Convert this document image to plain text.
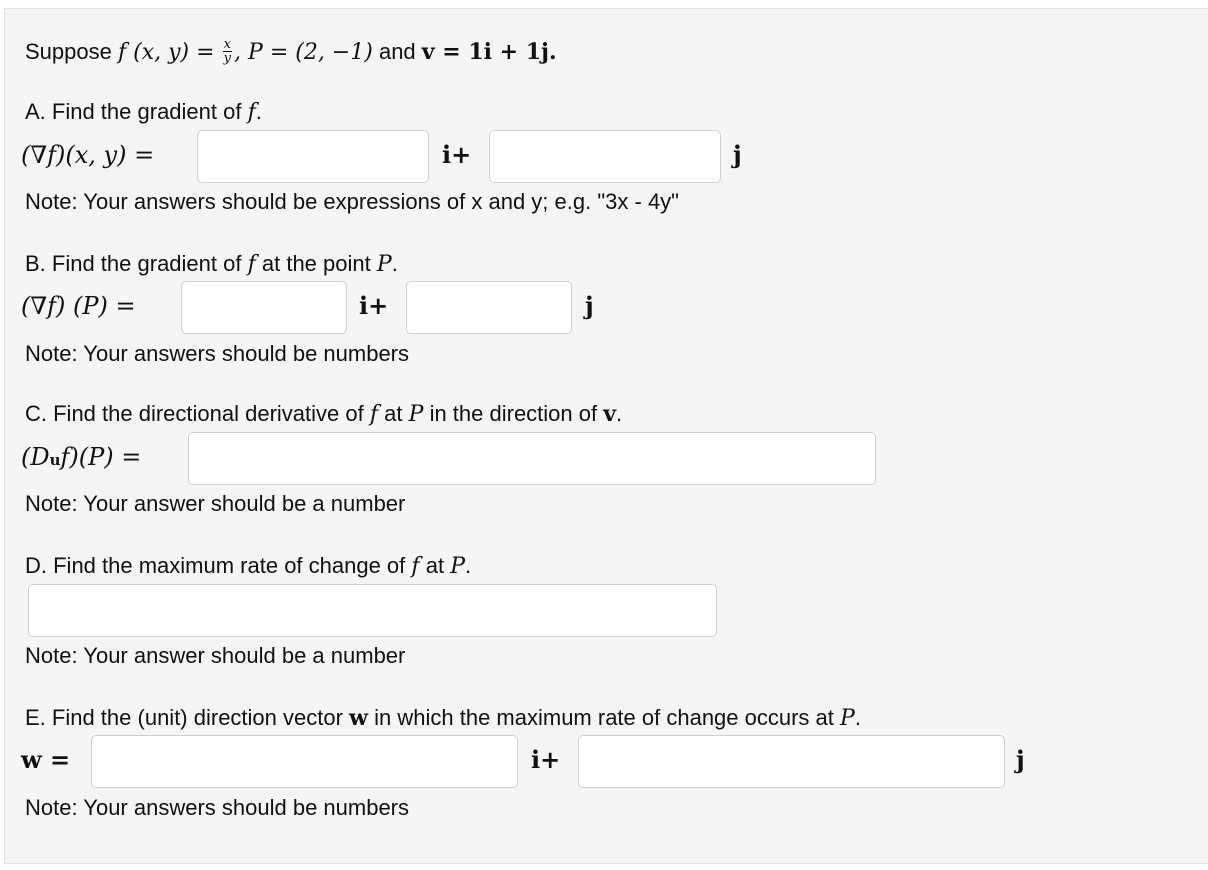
Suppose f (x, $y) = \frac{x}{y}$ , P = (2, −1) and v = 1i + 1j.
A. Find the gradient of f.
(∇f)(x, y) =	i+	j
Note: Your answers should be expressions of x and y; e.g. "3x - 4y"
B. Find the gradient of f at the point P.
(∇f) (P) =	i+	j
Note: Your answers should be numbers
C. Find the directional derivative of f at P in the direction of v.
(Duf)(P) =
Note: Your answer should be a number
D. Find the maximum rate of change of f at P.
Note: Your answer should be a number
E. Find the (unit) direction vector w in which the maximum rate of change occurs at P.
w =	i+	j
Note: Your answers should be numbers
